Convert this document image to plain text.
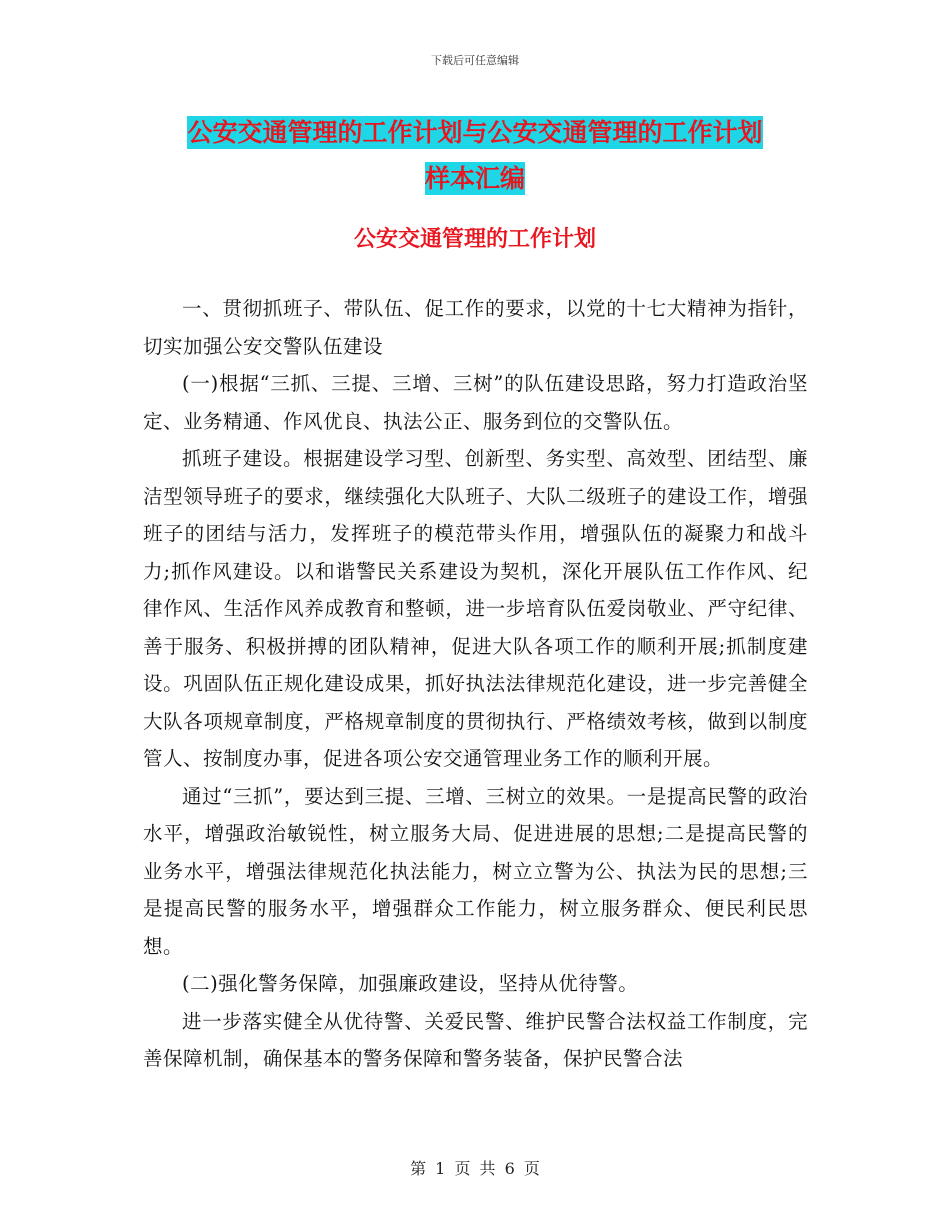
下载后可任意编辑
公安交通管理的工作计划与公安交通管理的工作计划
样本汇编
公安交通管理的工作计划

一、贯彻抓班子、带队伍、促工作的要求，以党的十七大精神为指针，切实加强公安交警队伍建设

(一)根据“三抓、三提、三增、三树”的队伍建设思路，努力打造政治坚定、业务精通、作风优良、执法公正、服务到位的交警队伍。

抓班子建设。根据建设学习型、创新型、务实型、高效型、团结型、廉洁型领导班子的要求，继续强化大队班子、大队二级班子的建设工作，增强班子的团结与活力，发挥班子的模范带头作用，增强队伍的凝聚力和战斗力;抓作风建设。以和谐警民关系建设为契机，深化开展队伍工作作风、纪律作风、生活作风养成教育和整顿，进一步培育队伍爱岗敬业、严守纪律、善于服务、积极拼搏的团队精神，促进大队各项工作的顺利开展;抓制度建设。巩固队伍正规化建设成果，抓好执法法律规范化建设，进一步完善健全大队各项规章制度，严格规章制度的贯彻执行、严格绩效考核，做到以制度管人、按制度办事，促进各项公安交通管理业务工作的顺利开展。

通过“三抓”，要达到三提、三增、三树立的效果。一是提高民警的政治水平，增强政治敏锐性，树立服务大局、促进进展的思想;二是提高民警的业务水平，增强法律规范化执法能力，树立立警为公、执法为民的思想;三是提高民警的服务水平，增强群众工作能力，树立服务群众、便民利民思想。

(二)强化警务保障，加强廉政建设，坚持从优待警。

进一步落实健全从优待警、关爱民警、维护民警合法权益工作制度，完善保障机制，确保基本的警务保障和警务装备，保护民警合法

第 1 页 共 6 页
